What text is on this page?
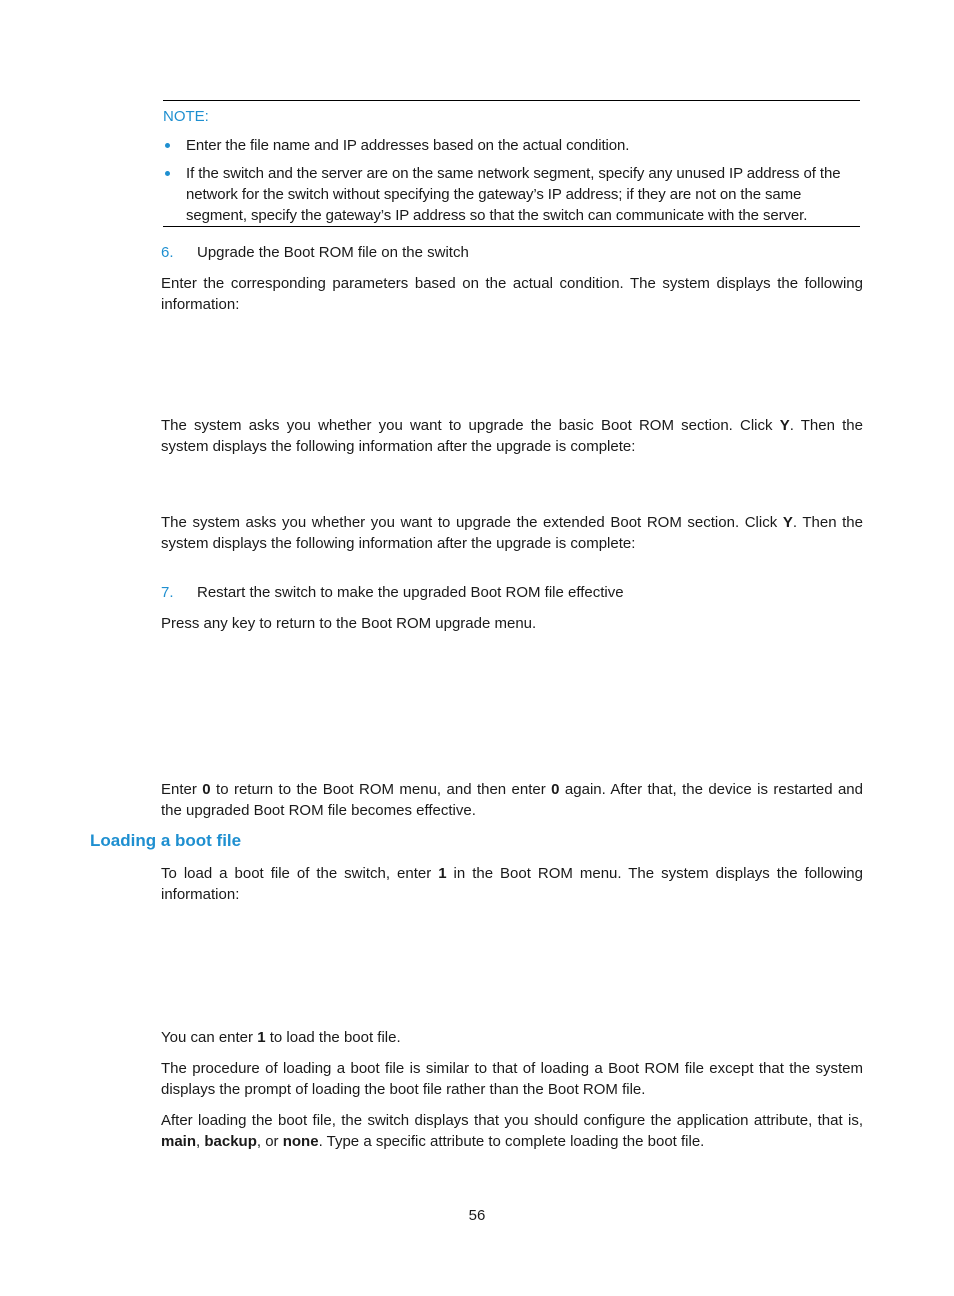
NOTE:
Enter the file name and IP addresses based on the actual condition.
If the switch and the server are on the same network segment, specify any unused IP address of the network for the switch without specifying the gateway’s IP address; if they are not on the same segment, specify the gateway’s IP address so that the switch can communicate with the server.
6. Upgrade the Boot ROM file on the switch
Enter the corresponding parameters based on the actual condition. The system displays the following information:
The system asks you whether you want to upgrade the basic Boot ROM section. Click Y. Then the system displays the following information after the upgrade is complete:
The system asks you whether you want to upgrade the extended Boot ROM section. Click Y. Then the system displays the following information after the upgrade is complete:
7. Restart the switch to make the upgraded Boot ROM file effective
Press any key to return to the Boot ROM upgrade menu.
Enter 0 to return to the Boot ROM menu, and then enter 0 again. After that, the device is restarted and the upgraded Boot ROM file becomes effective.
Loading a boot file
To load a boot file of the switch, enter 1 in the Boot ROM menu. The system displays the following information:
You can enter 1 to load the boot file.
The procedure of loading a boot file is similar to that of loading a Boot ROM file except that the system displays the prompt of loading the boot file rather than the Boot ROM file.
After loading the boot file, the switch displays that you should configure the application attribute, that is, main, backup, or none. Type a specific attribute to complete loading the boot file.
56
